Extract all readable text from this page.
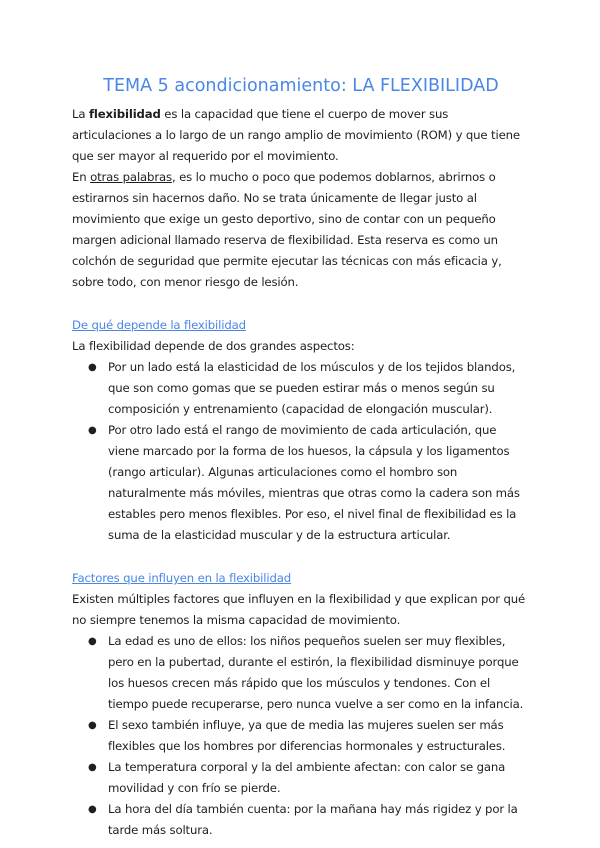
TEMA 5 acondicionamiento: LA FLEXIBILIDAD

La flexibilidad es la capacidad que tiene el cuerpo de mover sus articulaciones a lo largo de un rango amplio de movimiento (ROM) y que tiene que ser mayor al requerido por el movimiento.

En otras palabras, es lo mucho o poco que podemos doblarnos, abrirnos o estirarnos sin hacernos daño. No se trata únicamente de llegar justo al movimiento que exige un gesto deportivo, sino de contar con un pequeño margen adicional llamado reserva de flexibilidad. Esta reserva es como un colchón de seguridad que permite ejecutar las técnicas con más eficacia y, sobre todo, con menor riesgo de lesión.

De qué depende la flexibilidad

La flexibilidad depende de dos grandes aspectos:

● Por un lado está la elasticidad de los músculos y de los tejidos blandos, que son como gomas que se pueden estirar más o menos según su composición y entrenamiento (capacidad de elongación muscular).
● Por otro lado está el rango de movimiento de cada articulación, que viene marcado por la forma de los huesos, la cápsula y los ligamentos (rango articular). Algunas articulaciones como el hombro son naturalmente más móviles, mientras que otras como la cadera son más estables pero menos flexibles. Por eso, el nivel final de flexibilidad es la suma de la elasticidad muscular y de la estructura articular.
Factores que influyen en la flexibilidad

Existen múltiples factores que influyen en la flexibilidad y que explican por qué no siempre tenemos la misma capacidad de movimiento.

● La edad es uno de ellos: los niños pequeños suelen ser muy flexibles, pero en la pubertad, durante el estirón, la flexibilidad disminuye porque los huesos crecen más rápido que los músculos y tendones. Con el tiempo puede recuperarse, pero nunca vuelve a ser como en la infancia.
● El sexo también influye, ya que de media las mujeres suelen ser más flexibles que los hombres por diferencias hormonales y estructurales.
● La temperatura corporal y la del ambiente afectan: con calor se gana movilidad y con frío se pierde.
● La hora del día también cuenta: por la mañana hay más rigidez y por la tarde más soltura.
